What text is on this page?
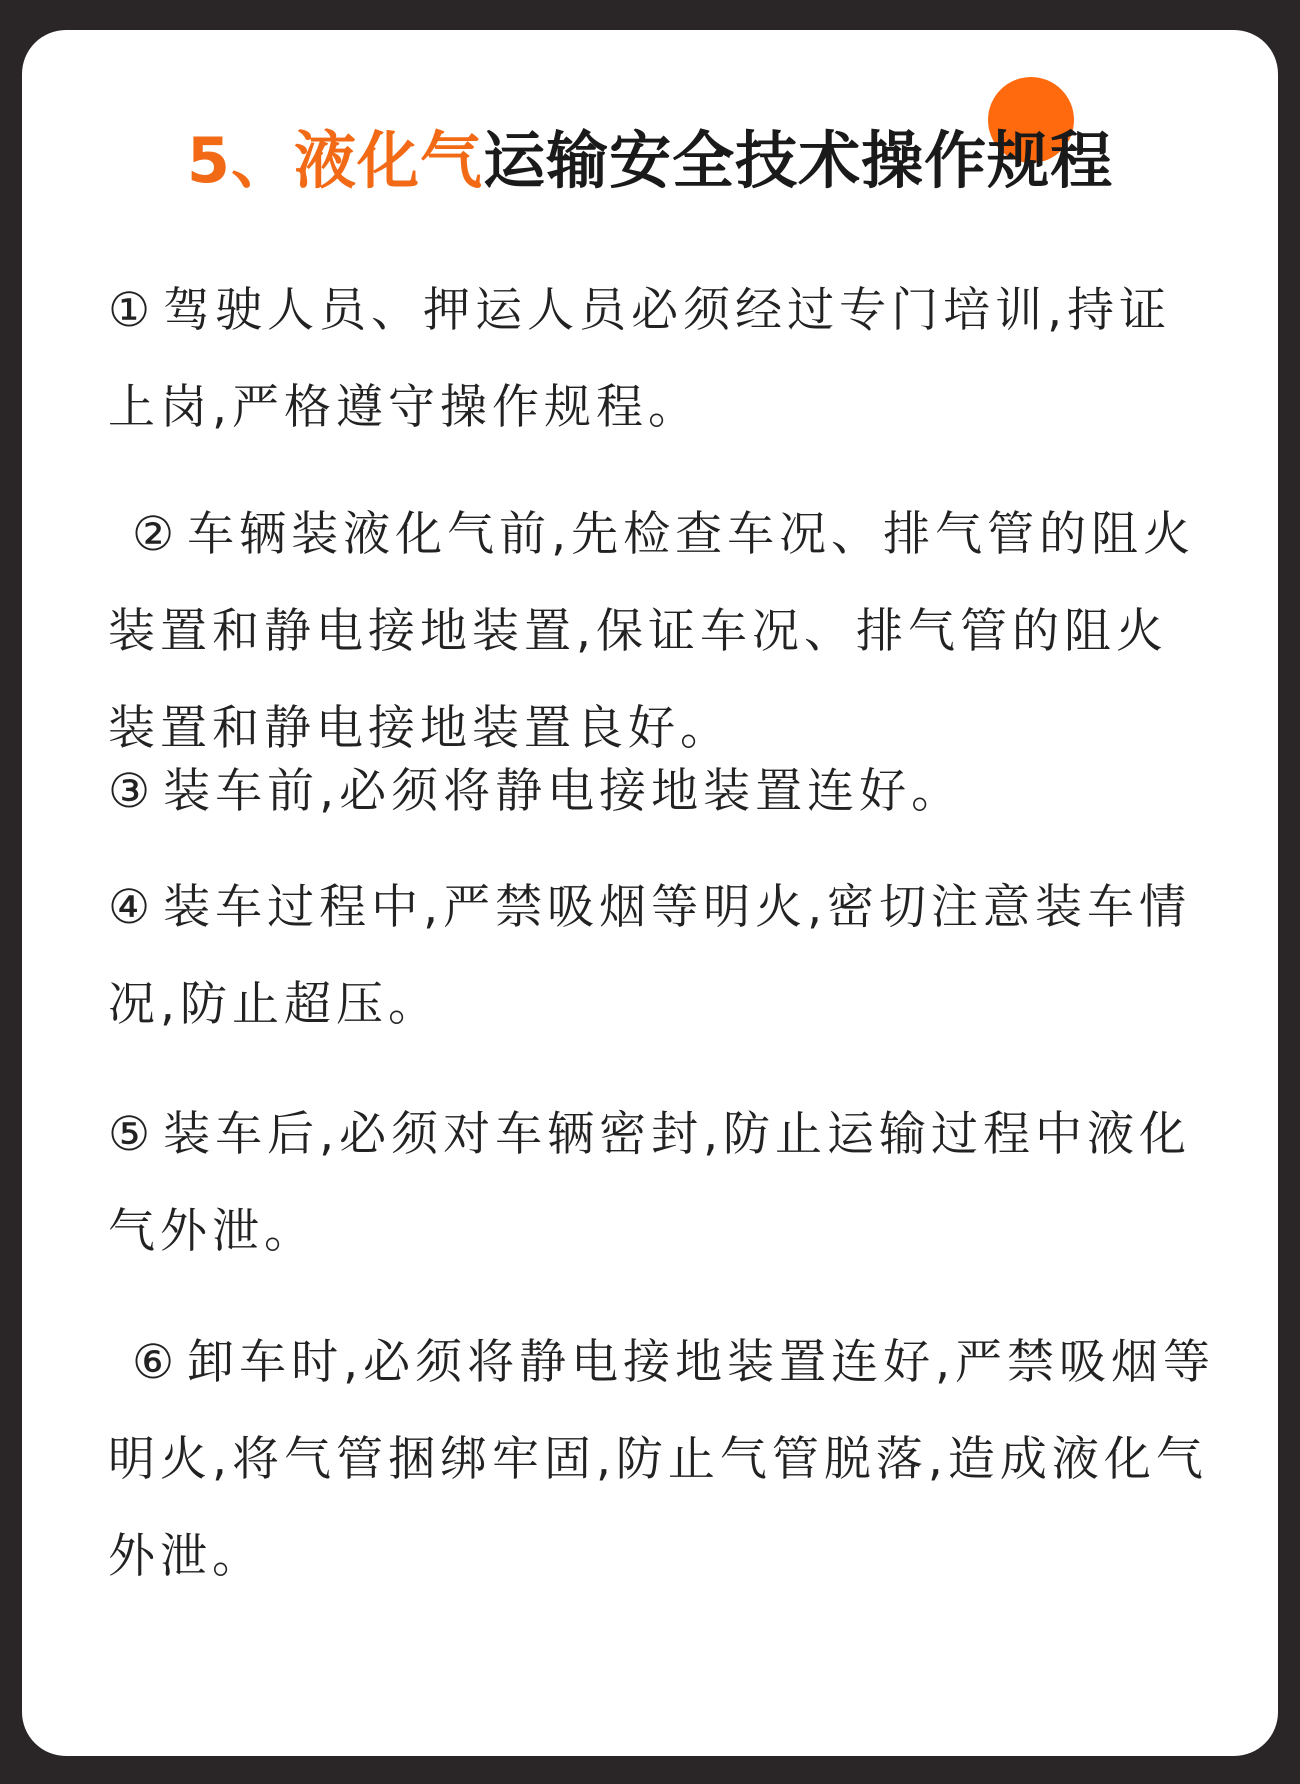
5、液化气运输安全技术操作规程
① 驾驶人员、押运人员必须经过专门培训,持证上岗,严格遵守操作规程。
② 车辆装液化气前,先检查车况、排气管的阻火装置和静电接地装置,保证车况、排气管的阻火装置和静电接地装置良好。
③ 装车前,必须将静电接地装置连好。
④ 装车过程中,严禁吸烟等明火,密切注意装车情况,防止超压。
⑤ 装车后,必须对车辆密封,防止运输过程中液化气外泄。
⑥ 卸车时,必须将静电接地装置连好,严禁吸烟等明火,将气管捆绑牢固,防止气管脱落,造成液化气外泄。
